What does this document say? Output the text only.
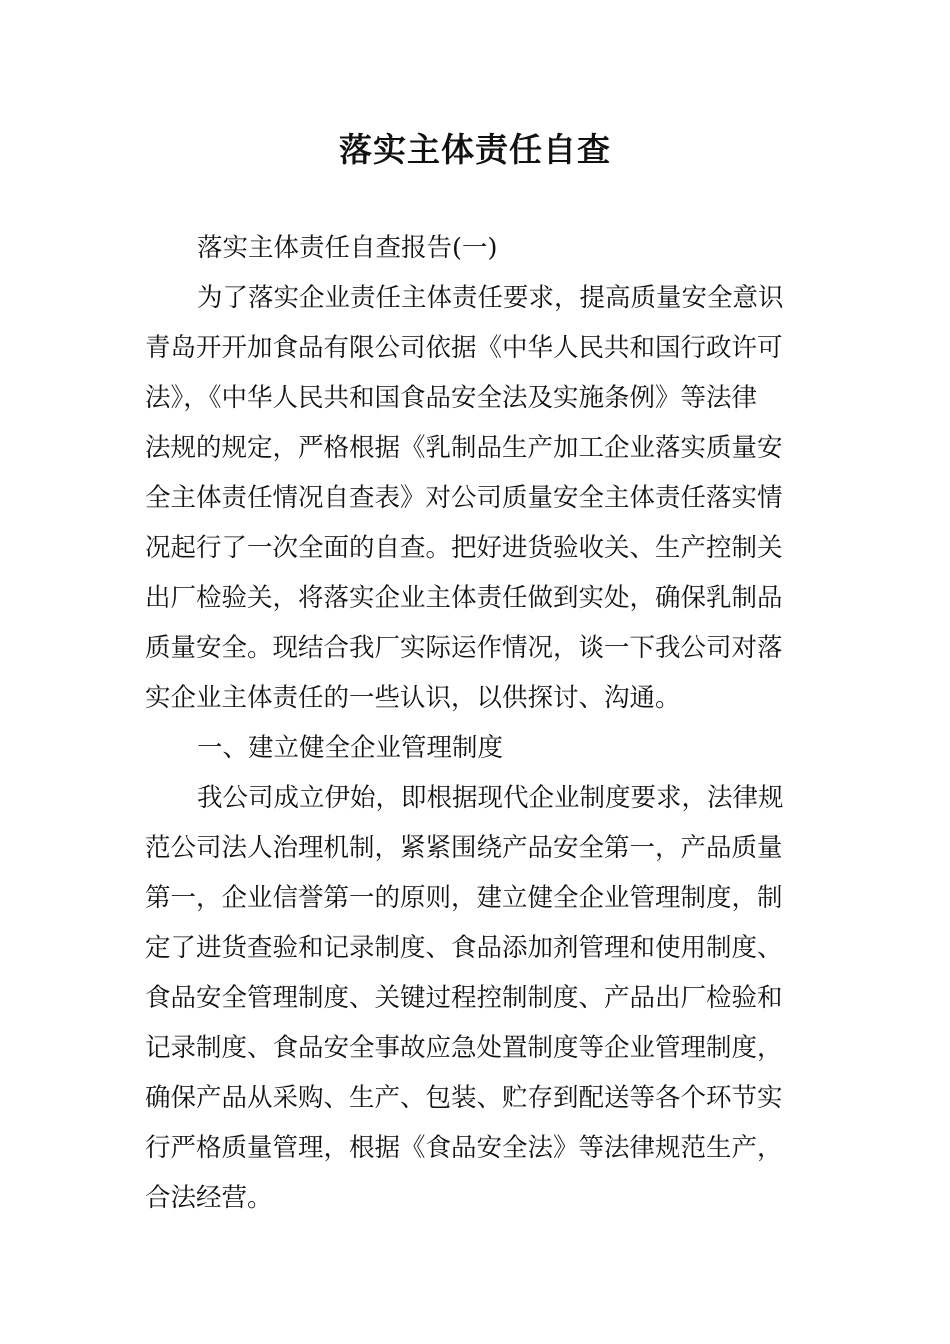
落实主体责任自查
落实主体责任自查报告(一)
为了落实企业责任主体责任要求，提高质量安全意识
青岛开开加食品有限公司依据《中华人民共和国行政许可
法》，《中华人民共和国食品安全法及实施条例》等法律
法规的规定，严格根据《乳制品生产加工企业落实质量安
全主体责任情况自查表》对公司质量安全主体责任落实情
况起行了一次全面的自查。把好进货验收关、生产控制关
出厂检验关，将落实企业主体责任做到实处，确保乳制品
质量安全。现结合我厂实际运作情况，谈一下我公司对落
实企业主体责任的一些认识，以供探讨、沟通。
一、建立健全企业管理制度
我公司成立伊始，即根据现代企业制度要求，法律规
范公司法人治理机制，紧紧围绕产品安全第一，产品质量
第一，企业信誉第一的原则，建立健全企业管理制度，制
定了进货查验和记录制度、食品添加剂管理和使用制度、
食品安全管理制度、关键过程控制制度、产品出厂检验和
记录制度、食品安全事故应急处置制度等企业管理制度，
确保产品从采购、生产、包装、贮存到配送等各个环节实
行严格质量管理，根据《食品安全法》等法律规范生产，
合法经营。
